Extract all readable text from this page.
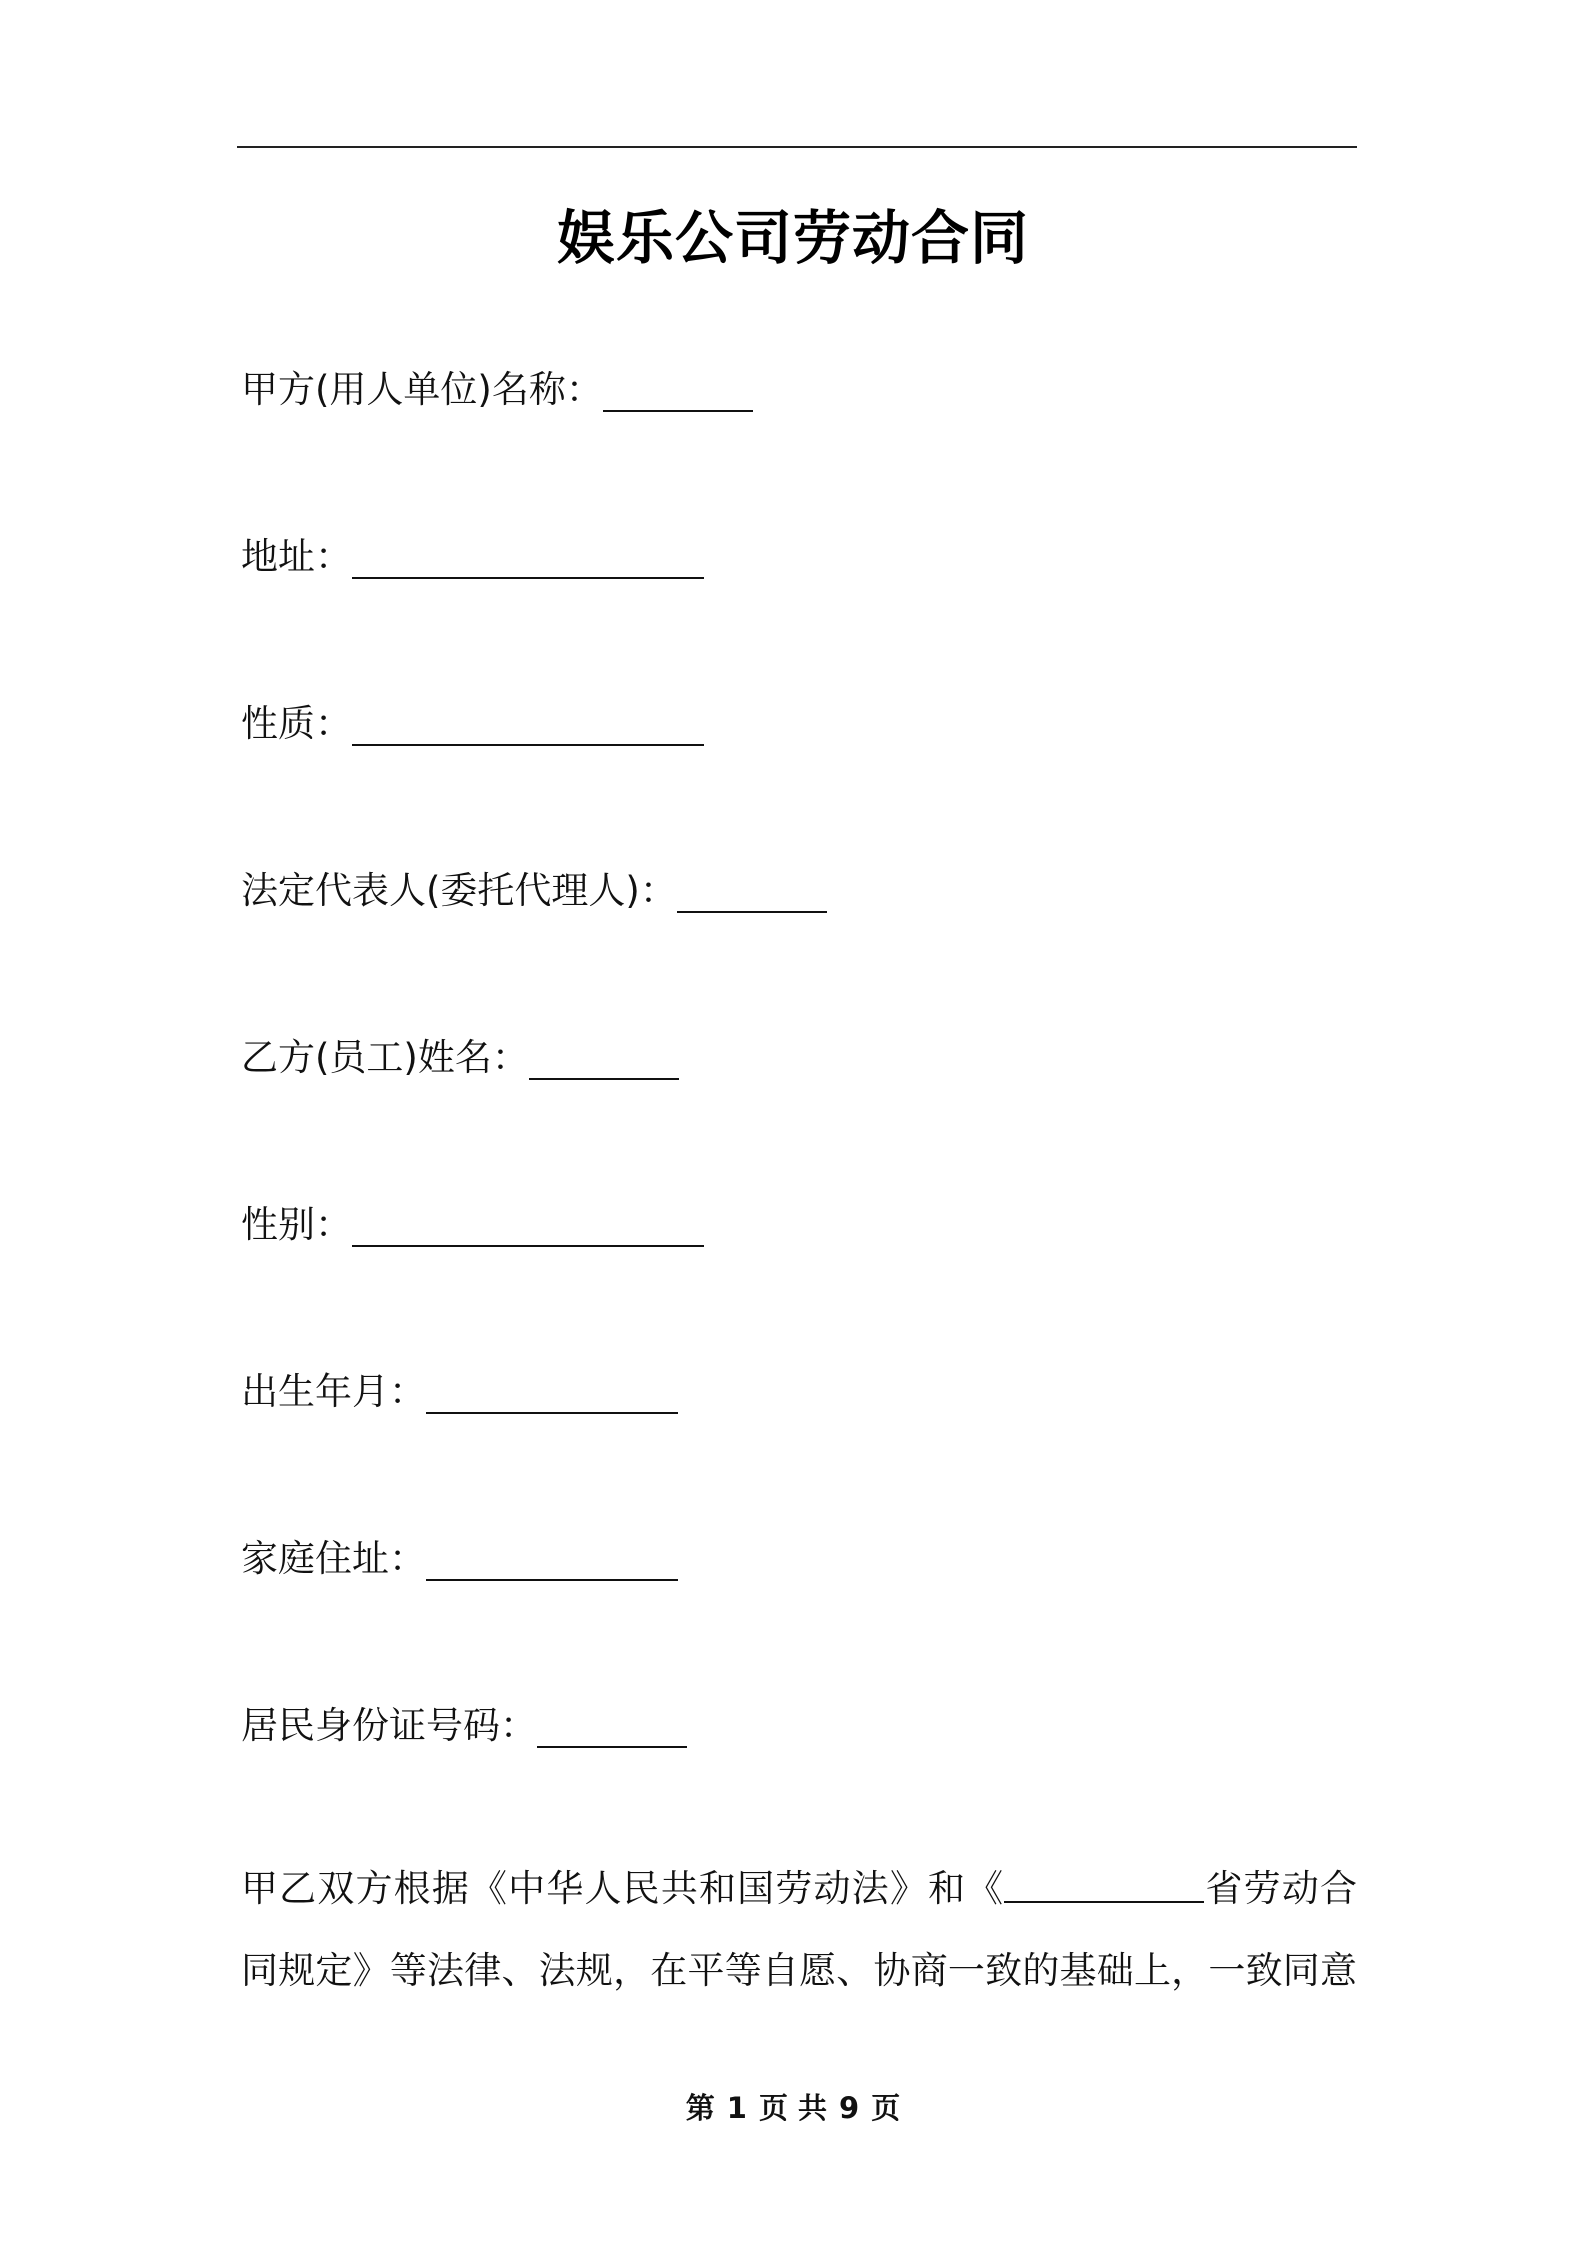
娱乐公司劳动合同
甲方(用人单位)名称：
地址：
性质：
法定代表人(委托代理人)：
乙方(员工)姓名：
性别：
出生年月：
家庭住址：
居民身份证号码：
甲乙双方根据《中华人民共和国劳动法》和《	省劳动合
同规定》等法律、法规，在平等自愿、协商一致的基础上，一致同意
第 1 页 共 9 页
